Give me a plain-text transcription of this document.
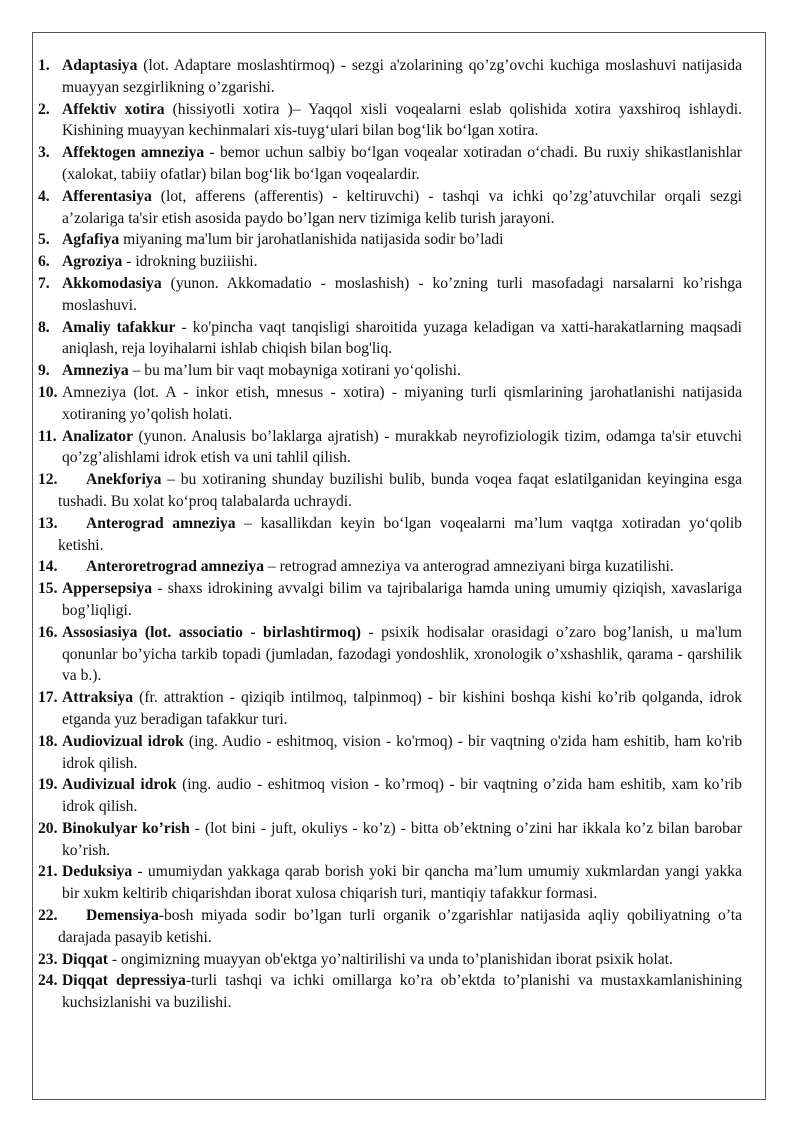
1. Adaptasiya (lot. Adaptare moslashtirmoq) - sezgi a'zolarining qo’zg’ovchi kuchiga moslashuvi natijasida muayyan sezgirlikning o’zgarishi.
2. Affektiv xotira (hissiyotli xotira )– Yaqqol xisli voqealarni eslab qolishida xotira yaxshiroq ishlaydi. Kishining muayyan kechinmalari xis-tuyg‘ulari bilan bog‘lik bo‘lgan xotira.
3. Affektogen amneziya - bemor uchun salbiy bo‘lgan voqealar xotiradan o‘chadi. Bu ruxiy shikastlanishlar (xalokat, tabiiy ofatlar) bilan bog‘lik bo‘lgan voqealardir.
4. Afferentasiya (lot, afferens (afferentis) - keltiruvchi) - tashqi va ichki qo’zg’atuvchilar orqali sezgi a’zolariga ta'sir etish asosida paydo bo’lgan nerv tizimiga kelib turish jarayoni.
5. Agfafiya miyaning ma'lum bir jarohatlanishida natijasida sodir bo’ladi
6. Agroziya - idrokning buziiishi.
7. Akkomodasiya (yunon. Akkomadatio - moslashish) - ko’zning turli masofadagi narsalarni ko’rishga moslashuvi.
8. Amaliy tafakkur - ko'pincha vaqt tanqisligi sharoitida yuzaga keladigan va xatti-harakatlarning maqsadi aniqlash, reja loyihalarni ishlab chiqish bilan bog'liq.
9. Amneziya – bu ma’lum bir vaqt mobayniga xotirani yo‘qolishi.
10. Amneziya (lot. A - inkor etish, mnesus - xotira) - miyaning turli qismlarining jarohatlanishi natijasida xotiraning yo’qolish holati.
11. Analizator (yunon. Analusis bo’laklarga ajratish) - murakkab neyrofiziologik tizim, odamga ta'sir etuvchi qo’zg’alishlami idrok etish va uni tahlil qilish.
12. Anekforiya – bu xotiraning shunday buzilishi bulib, bunda voqea faqat eslatilganidan keyingina esga tushadi. Bu xolat ko‘proq talabalarda uchraydi.
13. Anterograd amneziya – kasallikdan keyin bo‘lgan voqealarni ma’lum vaqtga xotiradan yo‘qolib ketishi.
14. Anteroretrograd amneziya – retrograd amneziya va anterograd amneziyani birga kuzatilishi.
15. Appersepsiya - shaxs idrokining avvalgi bilim va tajribalariga hamda uning umumiy qiziqish, xavaslariga bog’liqligi.
16. Assosiasiya (lot. associatio - birlashtirmoq) - psixik hodisalar orasidagi o’zaro bog’lanish, u ma'lum qonunlar bo’yicha tarkib topadi (jumladan, fazodagi yondoshlik, xronologik o’xshashlik, qarama - qarshilik va b.).
17. Attraksiya (fr. attraktion - qiziqib intilmoq, talpinmoq) - bir kishini boshqa kishi ko’rib qolganda, idrok etganda yuz beradigan tafakkur turi.
18. Audiovizual idrok (ing. Audio - eshitmoq, vision - ko'rmoq) - bir vaqtning o'zida ham eshitib, ham ko'rib idrok qilish.
19. Audivizual idrok (ing. audio - eshitmoq vision - ko’rmoq) - bir vaqtning o’zida ham eshitib, xam ko’rib idrok qilish.
20. Binokulyar ko’rish - (lot bini - juft, okuliys - ko’z) - bitta ob’ektning o’zini har ikkala ko’z bilan barobar ko’rish.
21. Deduksiya - umumiydan yakkaga qarab borish yoki bir qancha ma’lum umumiy xukmlardan yangi yakka bir xukm keltirib chiqarishdan iborat xulosa chiqarish turi, mantiqiy tafakkur formasi.
22. Demensiya-bosh miyada sodir bo’lgan turli organik o’zgarishlar natijasida aqliy qobiliyatning o’ta darajada pasayib ketishi.
23. Diqqat - ongimizning muayyan ob'ektga yo’naltirilishi va unda to’planishidan iborat psixik holat.
24. Diqqat depressiya-turli tashqi va ichki omillarga ko’ra ob’ektda to’planishi va mustaxkamlanishining kuchsizlanishi va buzilishi.
